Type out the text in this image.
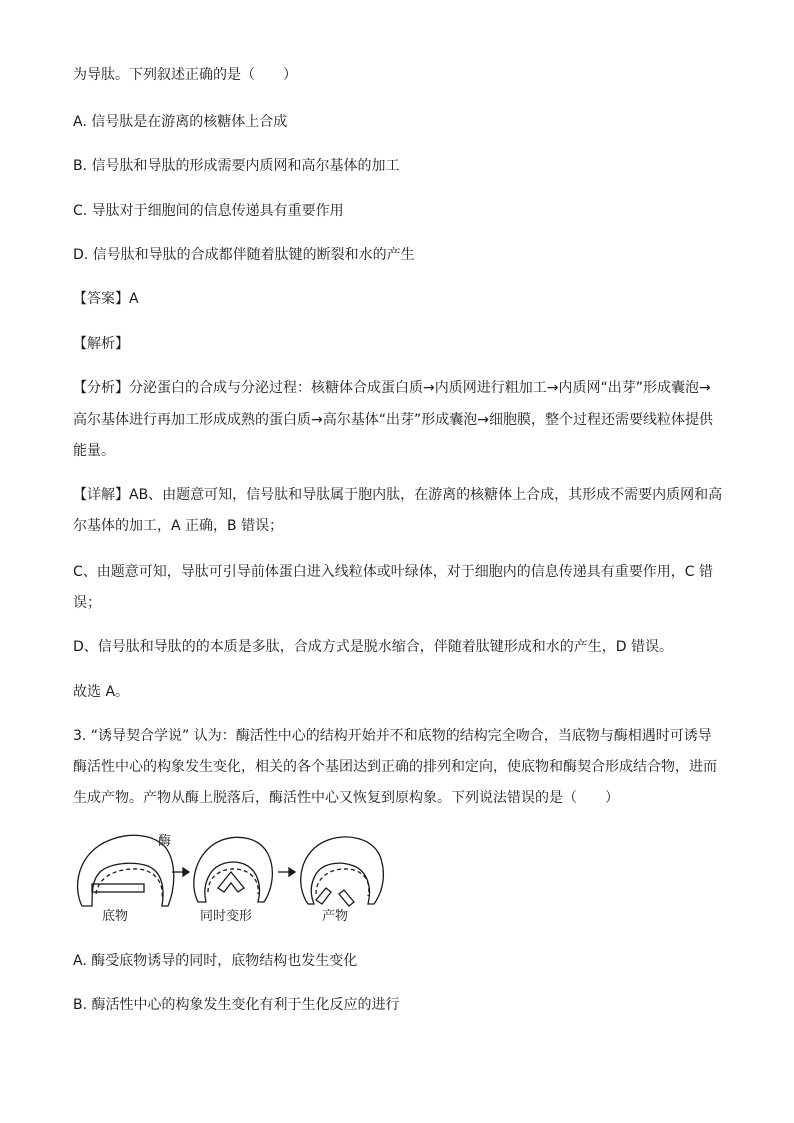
为导肽。下列叙述正确的是（　　）
A. 信号肽是在游离的核糖体上合成
B. 信号肽和导肽的形成需要内质网和高尔基体的加工
C. 导肽对于细胞间的信息传递具有重要作用
D. 信号肽和导肽的合成都伴随着肽键的断裂和水的产生
【答案】A
【解析】
【分析】分泌蛋白的合成与分泌过程：核糖体合成蛋白质→内质网进行粗加工→内质网“出芽”形成囊泡→
高尔基体进行再加工形成成熟的蛋白质→高尔基体“出芽”形成囊泡→细胞膜，整个过程还需要线粒体提供
能量。
【详解】AB、由题意可知，信号肽和导肽属于胞内肽，在游离的核糖体上合成，其形成不需要内质网和高
尔基体的加工，A 正确，B 错误；
C、由题意可知，导肽可引导前体蛋白进入线粒体或叶绿体，对于细胞内的信息传递具有重要作用，C 错
误；
D、信号肽和导肽的的本质是多肽，合成方式是脱水缩合，伴随着肽键形成和水的产生，D 错误。
故选 A。
3. “诱导契合学说” 认为：酶活性中心的结构开始并不和底物的结构完全吻合，当底物与酶相遇时可诱导
酶活性中心的构象发生变化，相关的各个基团达到正确的排列和定向，使底物和酶契合形成结合物，进而
生成产物。产物从酶上脱落后，酶活性中心又恢复到原构象。下列说法错误的是（　　）
酶
底物	同时变形	产物
A. 酶受底物诱导的同时，底物结构也发生变化
B. 酶活性中心的构象发生变化有利于生化反应的进行
